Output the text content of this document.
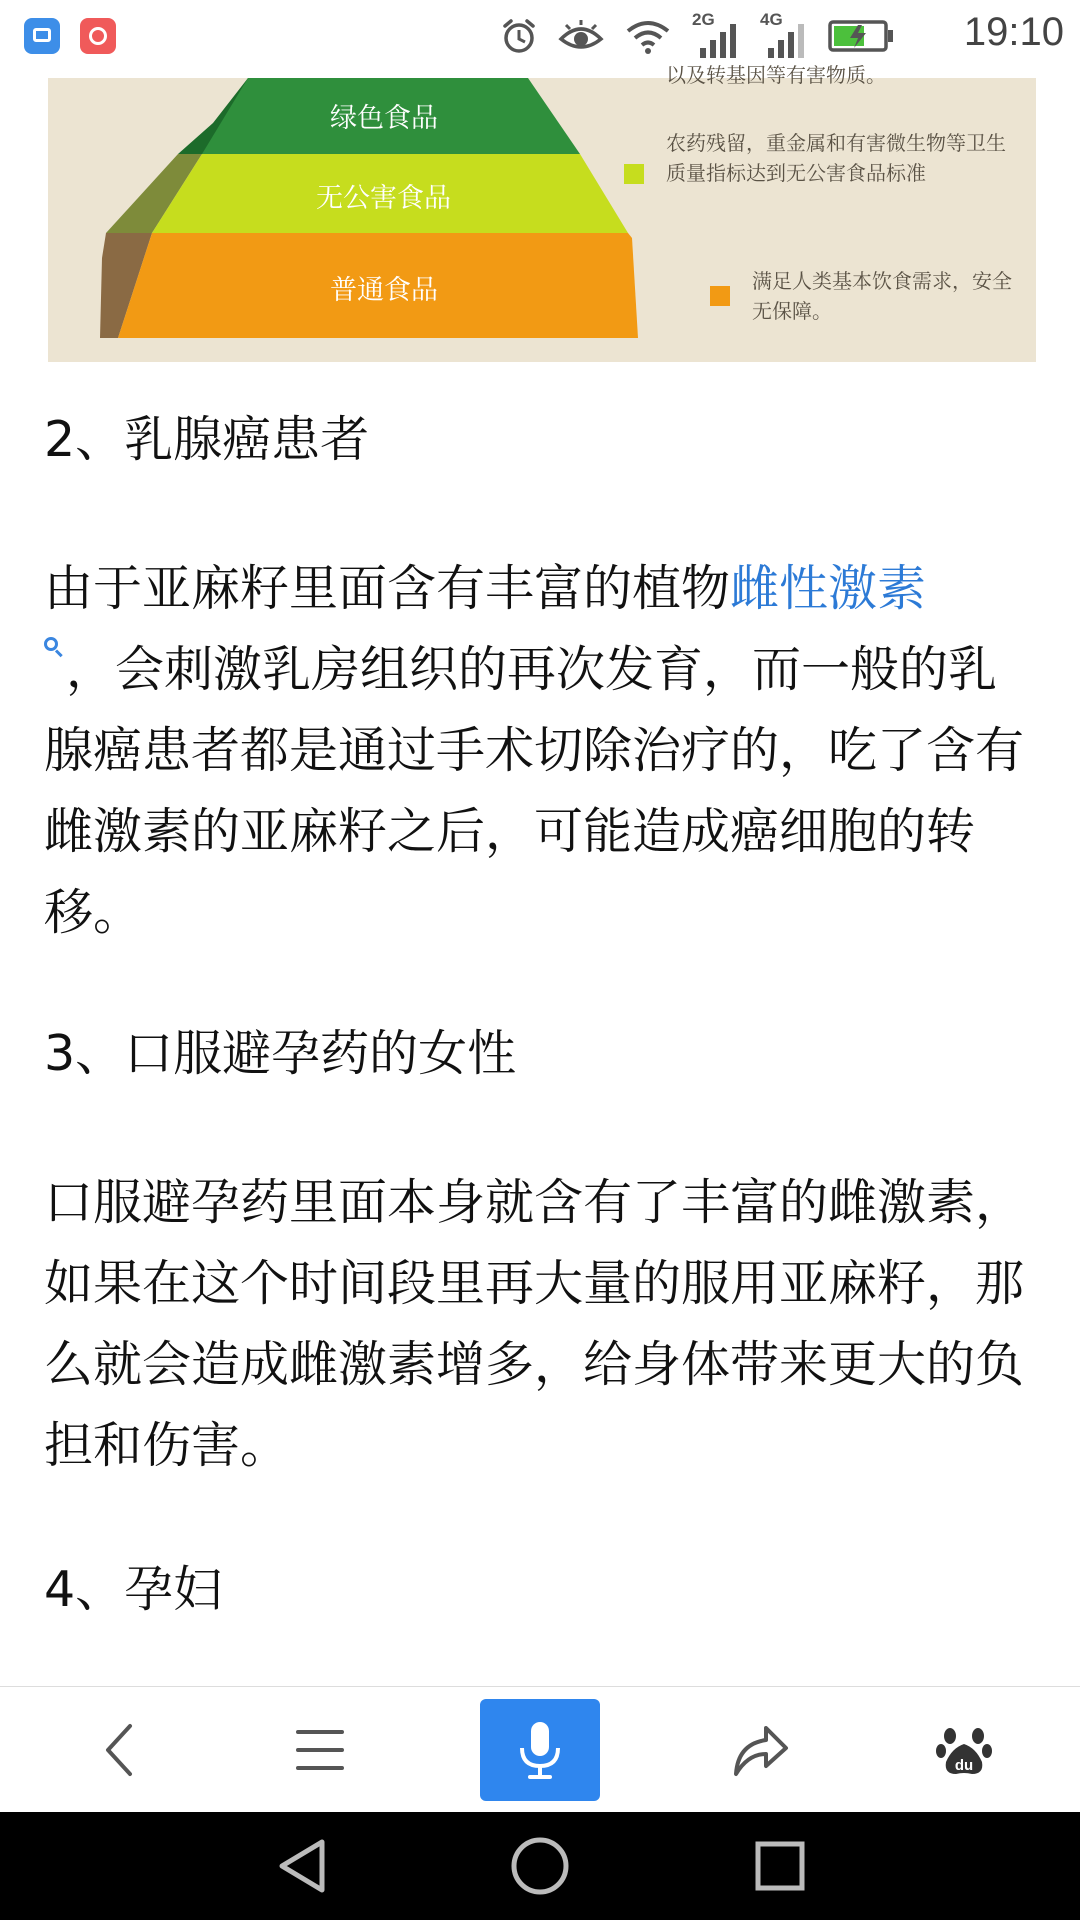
2G	4G	19:10
绿色食品
无公害食品
普通食品
以及转基因等有害物质。
农药残留，重金属和有害微生物等卫生质量指标达到无公害食品标准
满足人类基本饮食需求，安全无保障。
2、乳腺癌患者

由于亚麻籽里面含有丰富的植物雌性激素
，会刺激乳房组织的再次发育，而一般的乳腺癌患者都是通过手术切除治疗的，吃了含有雌激素的亚麻籽之后，可能造成癌细胞的转移。

3、口服避孕药的女性

口服避孕药里面本身就含有了丰富的雌激素，如果在这个时间段里再大量的服用亚麻籽，那么就会造成雌激素增多，给身体带来更大的负担和伤害。

4、孕妇
du
